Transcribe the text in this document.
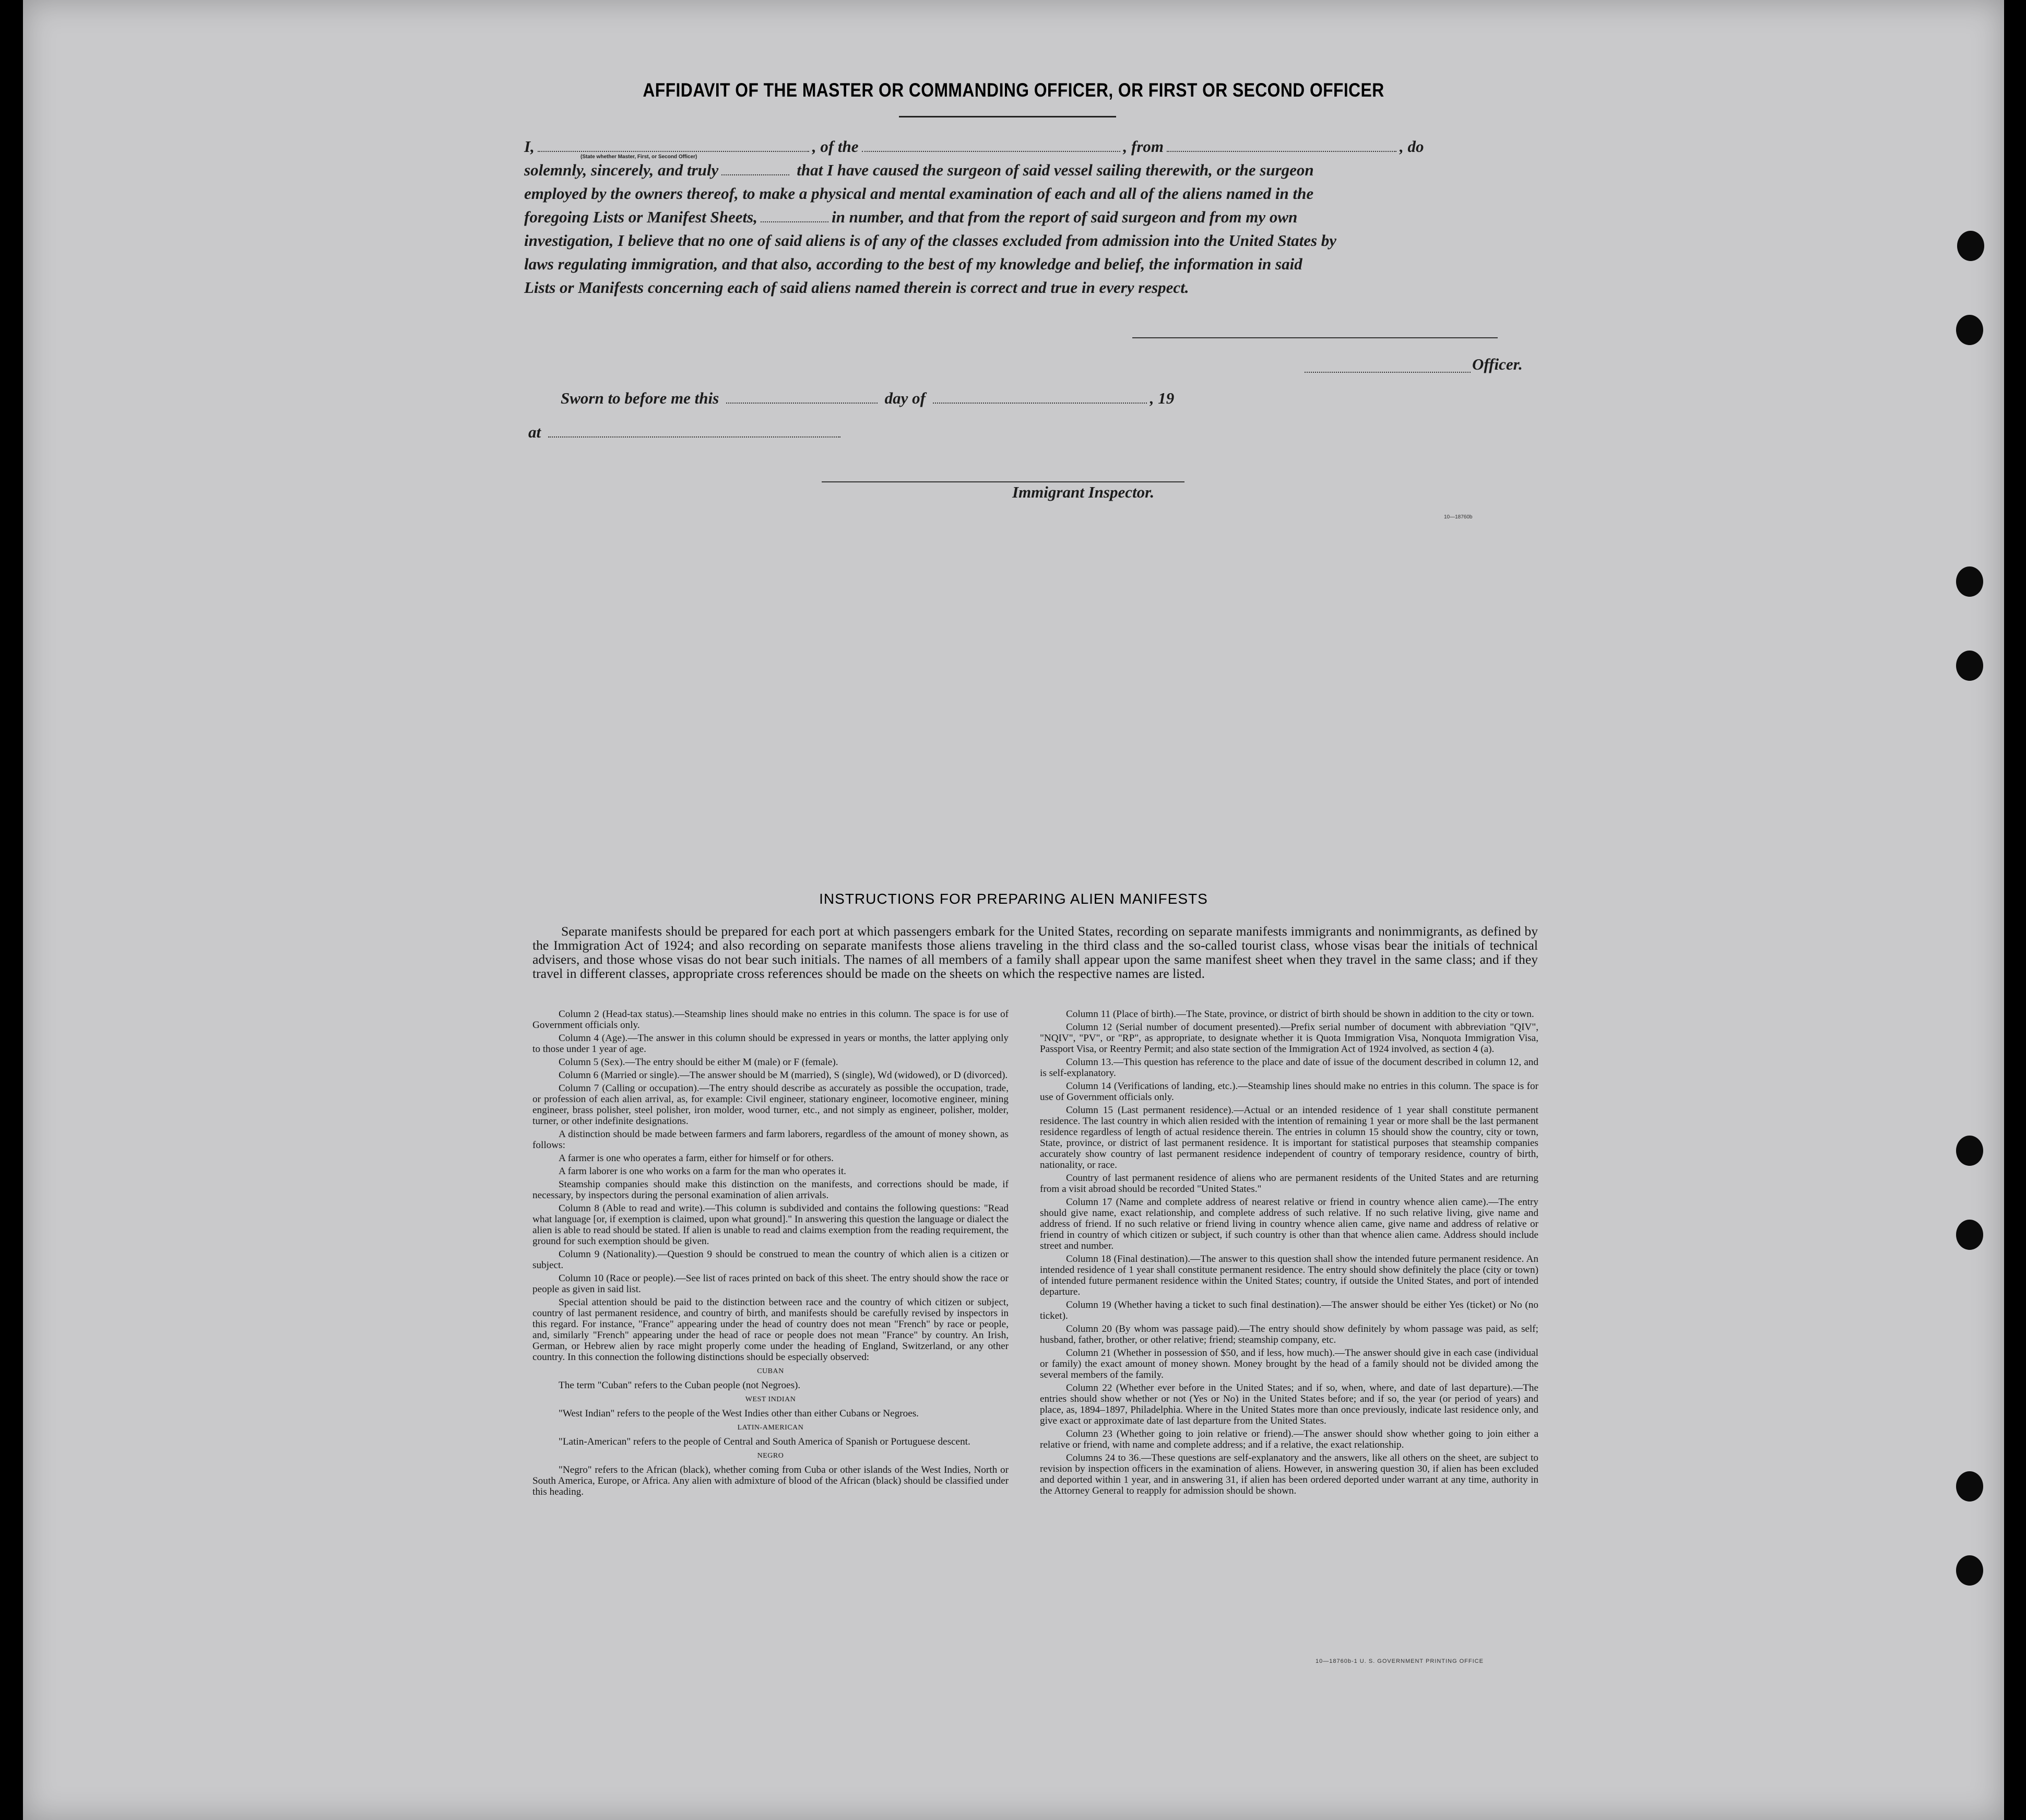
AFFIDAVIT OF THE MASTER OR COMMANDING OFFICER, OR FIRST OR SECOND OFFICER
I,	, of the	, from	, do
solemnly, sincerely, and truly	that I have caused the surgeon of said vessel sailing therewith, or the surgeon
employed by the owners thereof, to make a physical and mental examination of each and all of the aliens named in the
foregoing Lists or Manifest Sheets,	in number, and that from the report of said surgeon and from my own
investigation, I believe that no one of said aliens is of any of the classes excluded from admission into the United States by
laws regulating immigration, and that also, according to the best of my knowledge and belief, the information in said
Lists or Manifests concerning each of said aliens named therein is correct and true in every respect.
(State whether Master, First, or Second Officer)
Officer.
Sworn to before me this	day of	, 19
at
Immigrant Inspector.
10—18760b
INSTRUCTIONS FOR PREPARING ALIEN MANIFESTS

Separate manifests should be prepared for each port at which passengers embark for the United States, recording on separate manifests immigrants and nonimmigrants, as defined by the Immigration Act of 1924; and also recording on separate manifests those aliens traveling in the third class and the so-called tourist class, whose visas bear the initials of technical advisers, and those whose visas do not bear such initials. The names of all members of a family shall appear upon the same manifest sheet when they travel in the same class; and if they travel in different classes, appropriate cross references should be made on the sheets on which the respective names are listed.

Column 2 (Head-tax status).—Steamship lines should make no entries in this column. The space is for use of Government officials only.

Column 4 (Age).—The answer in this column should be expressed in years or months, the latter applying only to those under 1 year of age.

Column 5 (Sex).—The entry should be either M (male) or F (female).

Column 6 (Married or single).—The answer should be M (married), S (single), Wd (widowed), or D (divorced).

Column 7 (Calling or occupation).—The entry should describe as accurately as possible the occupation, trade, or profession of each alien arrival, as, for example: Civil engineer, stationary engineer, locomotive engineer, mining engineer, brass polisher, steel polisher, iron molder, wood turner, etc., and not simply as engineer, polisher, molder, turner, or other indefinite designations.

A distinction should be made between farmers and farm laborers, regardless of the amount of money shown, as follows:

A farmer is one who operates a farm, either for himself or for others.

A farm laborer is one who works on a farm for the man who operates it.

Steamship companies should make this distinction on the manifests, and corrections should be made, if necessary, by inspectors during the personal examination of alien arrivals.

Column 8 (Able to read and write).—This column is subdivided and contains the following questions: "Read what language [or, if exemption is claimed, upon what ground]." In answering this question the language or dialect the alien is able to read should be stated. If alien is unable to read and claims exemption from the reading requirement, the ground for such exemption should be given.

Column 9 (Nationality).—Question 9 should be construed to mean the country of which alien is a citizen or subject.

Column 10 (Race or people).—See list of races printed on back of this sheet. The entry should show the race or people as given in said list.

Special attention should be paid to the distinction between race and the country of which citizen or subject, country of last permanent residence, and country of birth, and manifests should be carefully revised by inspectors in this regard. For instance, "France" appearing under the head of country does not mean "French" by race or people, and, similarly "French" appearing under the head of race or people does not mean "France" by country. An Irish, German, or Hebrew alien by race might properly come under the heading of England, Switzerland, or any other country. In this connection the following distinctions should be especially observed:

CUBAN

The term "Cuban" refers to the Cuban people (not Negroes).

WEST INDIAN

"West Indian" refers to the people of the West Indies other than either Cubans or Negroes.

LATIN-AMERICAN

"Latin-American" refers to the people of Central and South America of Spanish or Portuguese descent.

NEGRO

"Negro" refers to the African (black), whether coming from Cuba or other islands of the West Indies, North or South America, Europe, or Africa. Any alien with admixture of blood of the African (black) should be classified under this heading.

Column 11 (Place of birth).—The State, province, or district of birth should be shown in addition to the city or town.

Column 12 (Serial number of document presented).—Prefix serial number of document with abbreviation "QIV", "NQIV", "PV", or "RP", as appropriate, to designate whether it is Quota Immigration Visa, Nonquota Immigration Visa, Passport Visa, or Reentry Permit; and also state section of the Immigration Act of 1924 involved, as section 4 (a).

Column 13.—This question has reference to the place and date of issue of the document described in column 12, and is self-explanatory.

Column 14 (Verifications of landing, etc.).—Steamship lines should make no entries in this column. The space is for use of Government officials only.

Column 15 (Last permanent residence).—Actual or an intended residence of 1 year shall constitute permanent residence. The last country in which alien resided with the intention of remaining 1 year or more shall be the last permanent residence regardless of length of actual residence therein. The entries in column 15 should show the country, city or town, State, province, or district of last permanent residence. It is important for statistical purposes that steamship companies accurately show country of last permanent residence independent of country of temporary residence, country of birth, nationality, or race.

Country of last permanent residence of aliens who are permanent residents of the United States and are returning from a visit abroad should be recorded "United States."

Column 17 (Name and complete address of nearest relative or friend in country whence alien came).—The entry should give name, exact relationship, and complete address of such relative. If no such relative living, give name and address of friend. If no such relative or friend living in country whence alien came, give name and address of relative or friend in country of which citizen or subject, if such country is other than that whence alien came. Address should include street and number.

Column 18 (Final destination).—The answer to this question shall show the intended future permanent residence. An intended residence of 1 year shall constitute permanent residence. The entry should show definitely the place (city or town) of intended future permanent residence within the United States; country, if outside the United States, and port of intended departure.

Column 19 (Whether having a ticket to such final destination).—The answer should be either Yes (ticket) or No (no ticket).

Column 20 (By whom was passage paid).—The entry should show definitely by whom passage was paid, as self; husband, father, brother, or other relative; friend; steamship company, etc.

Column 21 (Whether in possession of $50, and if less, how much).—The answer should give in each case (individual or family) the exact amount of money shown. Money brought by the head of a family should not be divided among the several members of the family.

Column 22 (Whether ever before in the United States; and if so, when, where, and date of last departure).—The entries should show whether or not (Yes or No) in the United States before; and if so, the year (or period of years) and place, as, 1894–1897, Philadelphia. Where in the United States more than once previously, indicate last residence only, and give exact or approximate date of last departure from the United States.

Column 23 (Whether going to join relative or friend).—The answer should show whether going to join either a relative or friend, with name and complete address; and if a relative, the exact relationship.

Columns 24 to 36.—These questions are self-explanatory and the answers, like all others on the sheet, are subject to revision by inspection officers in the examination of aliens. However, in answering question 30, if alien has been excluded and deported within 1 year, and in answering 31, if alien has been ordered deported under warrant at any time, authority in the Attorney General to reapply for admission should be shown.

10—18760b-1 U. S. GOVERNMENT PRINTING OFFICE
